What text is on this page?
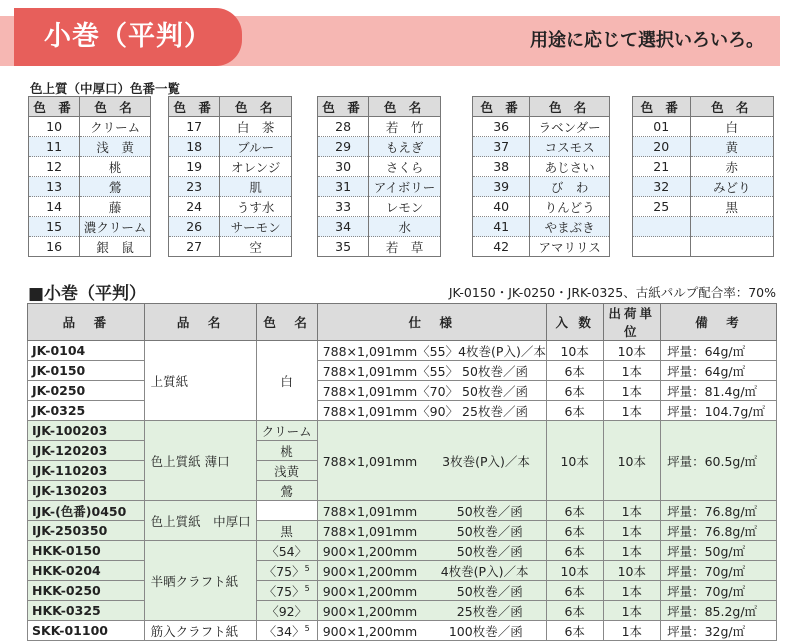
小巻（平判）	用途に応じて選択いろいろ。
色上質（中厚口）色番一覧
色 番	色 名
10	クリーム
11	浅　黄
12	桃
13	鶯
14	藤
15	濃クリーム
16	銀　鼠
色 番	色 名
17	白　茶
18	ブルー
19	オレンジ
23	肌
24	うす水
26	サーモン
27	空
色 番	色 名
28	若　竹
29	もえぎ
30	さくら
31	アイボリー
33	レモン
34	水
35	若　草
色 番	色 名
36	ラベンダー
37	コスモス
38	あじさい
39	び　わ
40	りんどう
41	やまぶき
42	アマリリス
色 番	色 名
01	白
20	黄
21	赤
32	みどり
25	黒

■小巻（平判）	JK-0150・JK-0250・JRK-0325、古紙パルプ配合率：70%
品　番	品　名	色　名	仕　様	入 数	出荷単位	備　考
JK-0104	上質紙	白	788×1,091mm〈55〉4枚巻(P入)／本	10本	10本	坪量：64g/㎡
JK-0150			788×1,091mm〈55〉 50枚巻／函	6本	1本	坪量：64g/㎡
JK-0250			788×1,091mm〈70〉 50枚巻／函	6本	1本	坪量：81.4g/㎡
JK-0325			788×1,091mm〈90〉 25枚巻／函	6本	1本	坪量：104.7g/㎡
IJK-100203	色上質紙 薄口	クリーム	788×1,091mm　　3枚巻(P入)／本	10本	10本	坪量：60.5g/㎡
IJK-120203		桃				
IJK-110203		浅黄				
IJK-130203		鶯				
IJK-(色番)0450	色上質紙　中厚口		788×1,091mm 50枚巻／函	6本	1本	坪量：76.8g/㎡
IJK-250350		黒	788×1,091mm 50枚巻／函	6本	1本	坪量：76.8g/㎡
HKK-0150	半晒クラフト紙	〈54〉	900×1,200mm 50枚巻／函	6本	1本	坪量：50g/㎡
HKK-0204		〈75〉$^5$	900×1,200mm 4枚巻(P入)／本	10本	10本	坪量：70g/㎡
HKK-0250		〈75〉$^5$	900×1,200mm 50枚巻／函	6本	1本	坪量：70g/㎡
HKK-0325		〈92〉	900×1,200mm 25枚巻／函	6本	1本	坪量：85.2g/㎡
SKK-01100	筋入クラフト紙	〈34〉$^5$	900×1,200mm 100枚巻／函	6本	1本	坪量：32g/㎡
